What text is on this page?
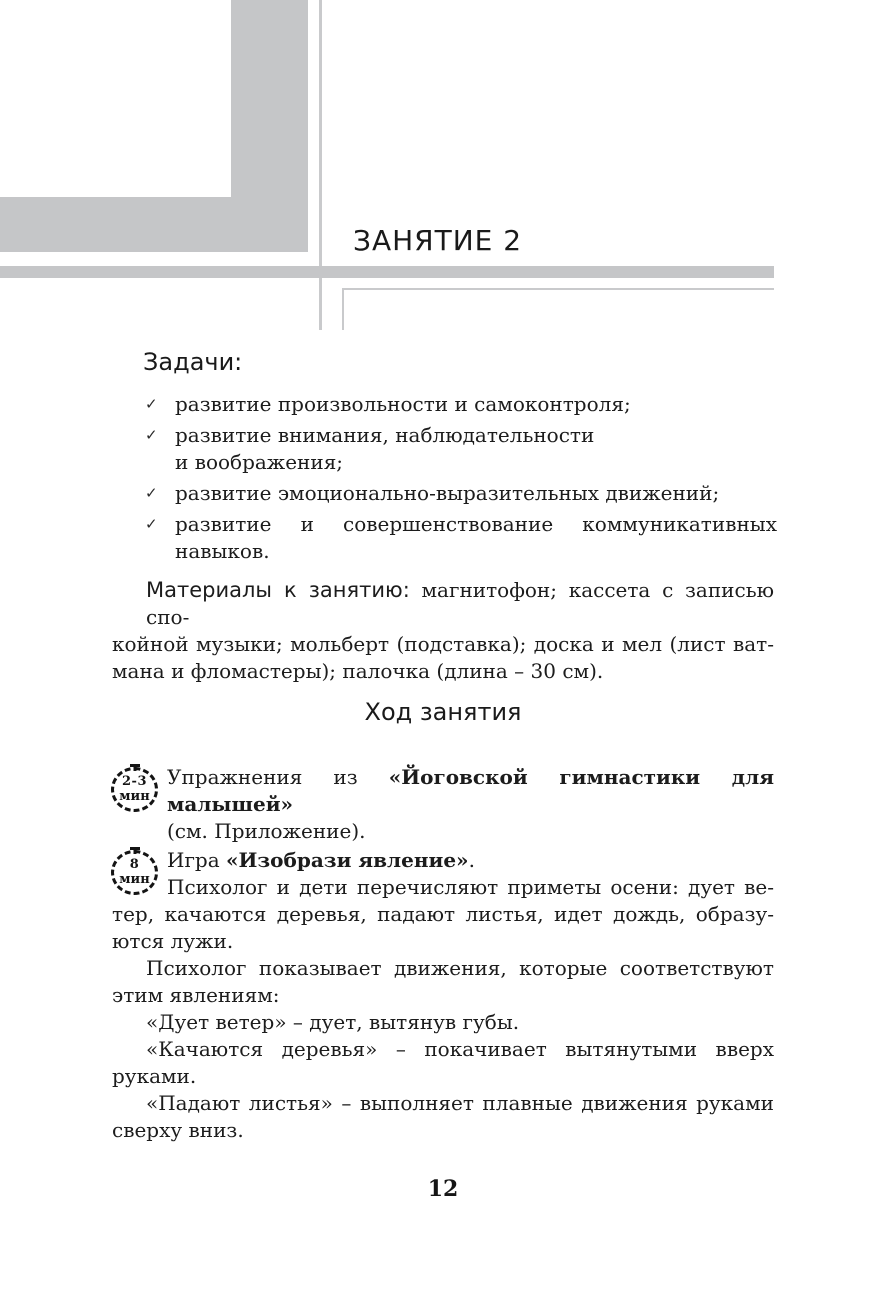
ЗАНЯТИЕ 2
Задачи:
✓ развитие произвольности и самоконтроля;
✓ развитие внимания, наблюдательности
и воображения;
✓ развитие эмоционально-выразительных движений;
✓ развитие и совершенствование коммуникативных
навыков.
Материалы к занятию: магнитофон; кассета с записью спо-
койной музыки; мольберт (подставка); доска и мел (лист ват-
мана и фломастеры); палочка (длина – 30 см).
Ход занятия
2-3
мин
Упражнения из «Йоговской гимнастики для малышей»
(см. Приложение).
8
мин
Игра «Изобрази явление».
Психолог и дети перечисляют приметы осени: дует ве-
тер, качаются деревья, падают листья, идет дождь, образу-
ются лужи.
Психолог показывает движения, которые соответствуют
этим явлениям:
«Дует ветер» – дует, вытянув губы.
«Качаются деревья» – покачивает вытянутыми вверх
руками.
«Падают листья» – выполняет плавные движения руками
сверху вниз.
12
